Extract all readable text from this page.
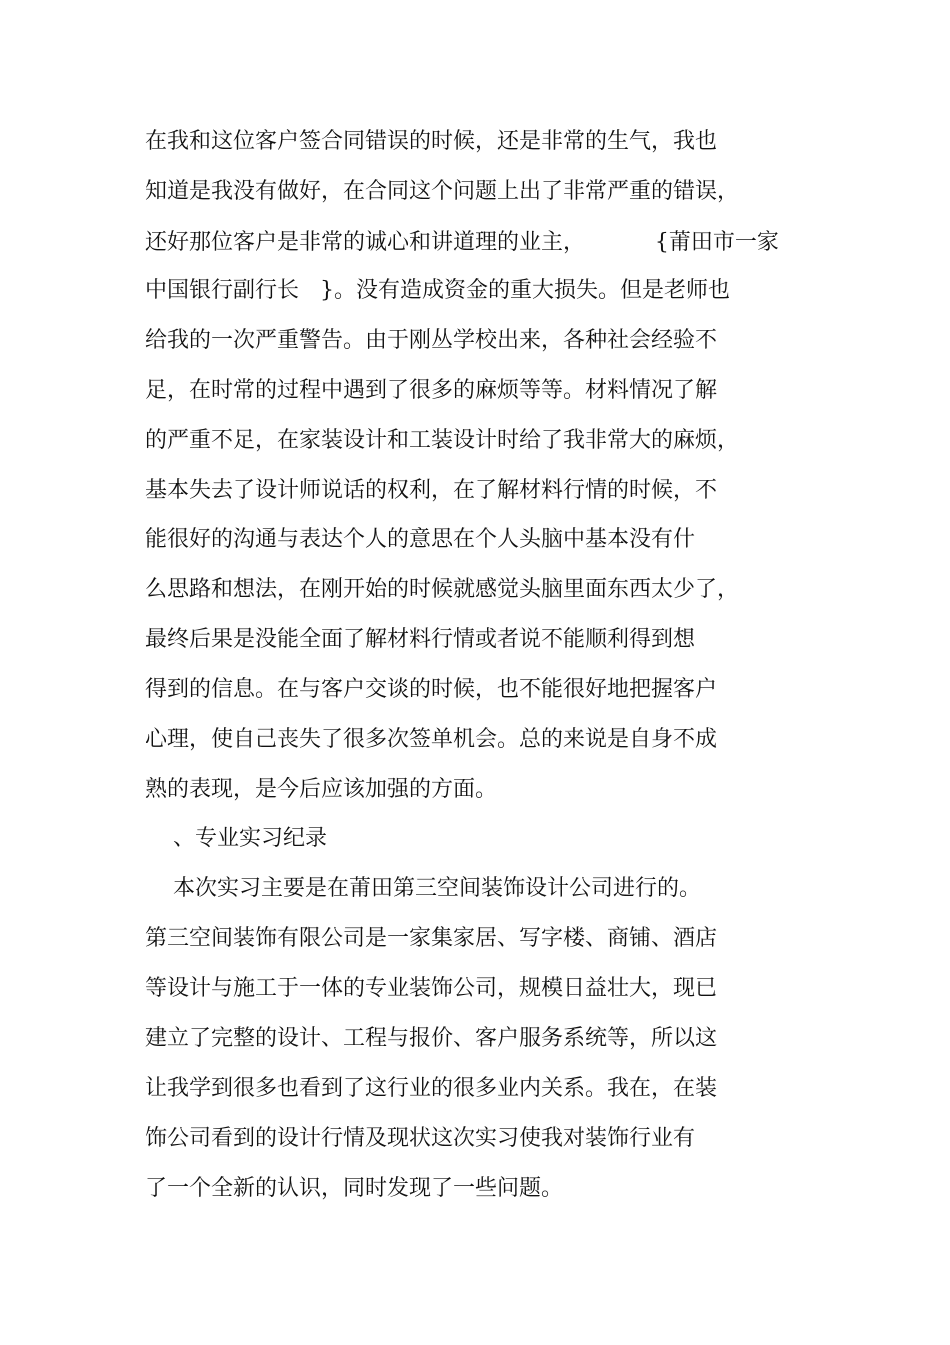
在我和这位客户签合同错误的时候，还是非常的生气，我也
知道是我没有做好，在合同这个问题上出了非常严重的错误，
还好那位客户是非常的诚心和讲道理的业主，          {莆田市一家
中国银行副行长   }。没有造成资金的重大损失。但是老师也
给我的一次严重警告。由于刚丛学校出来，各种社会经验不
足，在时常的过程中遇到了很多的麻烦等等。材料情况了解
的严重不足，在家装设计和工装设计时给了我非常大的麻烦，
基本失去了设计师说话的权利，在了解材料行情的时候，不
能很好的沟通与表达个人的意思在个人头脑中基本没有什
么思路和想法，在刚开始的时候就感觉头脑里面东西太少了，
最终后果是没能全面了解材料行情或者说不能顺利得到想
得到的信息。在与客户交谈的时候，也不能很好地把握客户
心理，使自己丧失了很多次签单机会。总的来说是自身不成
熟的表现，是今后应该加强的方面。
、专业实习纪录
本次实习主要是在莆田第三空间装饰设计公司进行的。
第三空间装饰有限公司是一家集家居、写字楼、商铺、酒店
等设计与施工于一体的专业装饰公司，规模日益壮大，现已
建立了完整的设计、工程与报价、客户服务系统等，所以这
让我学到很多也看到了这行业的很多业内关系。我在，在装
饰公司看到的设计行情及现状这次实习使我对装饰行业有
了一个全新的认识，同时发现了一些问题。
